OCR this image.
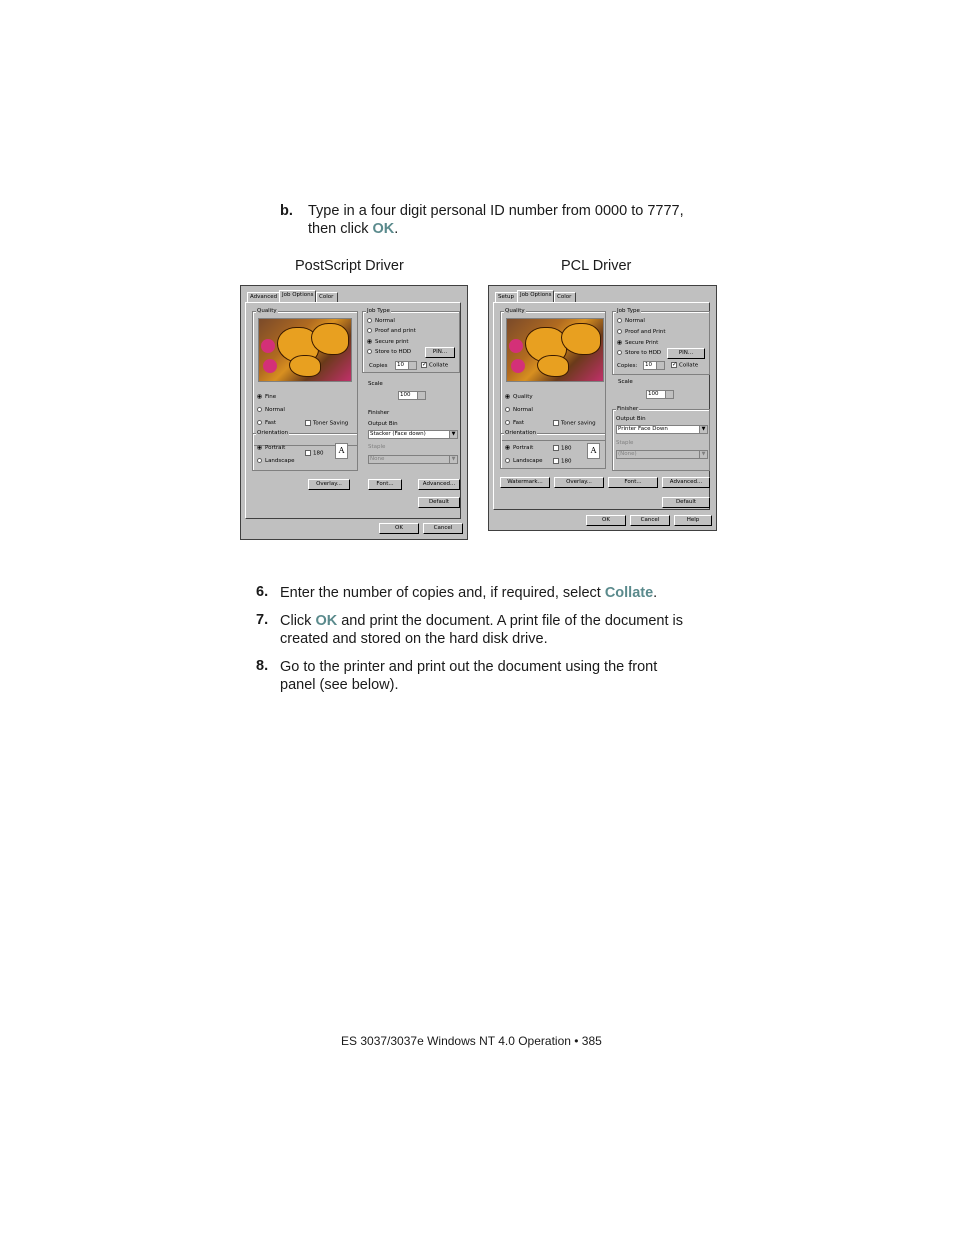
b. Type in a four digit personal ID number from 0000 to 7777,
then click OK.
PostScript Driver	PCL Driver
Advanced Job Options	Color
Quality
Fine
Normal
Fast	Toner Saving
Orientation
Portrait
Landscape
180	A
Job Type
Normal
Proof and print
Secure print
Store to HDD	PIN...
Copies	10	✓ Collate
Scale
100
Finisher
Output Bin
Stacker (Face down)	▼
Staple
None	▼
Overlay...	Font...	Advanced...
Default
OK	Cancel
Setup	Job Options	Color
Quality
Quality
Normal
Fast	Toner saving
Orientation
Portrait
Landscape
180
180
A
Job Type
Normal
Proof and Print
Secure Print
Store to HDD	PIN...
Copies:	10	✓ Collate
Scale
100
Finisher
Output Bin
Printer Face Down	▼
Staple
(None)	▼
Watermark...	Overlay...	Font...	Advanced...
Default
OK	Cancel	Help
6. Enter the number of copies and, if required, select Collate.
7. Click OK and print the document. A print file of the document is
created and stored on the hard disk drive.
8. Go to the printer and print out the document using the front
panel (see below).
ES 3037/3037e Windows NT 4.0 Operation • 385
